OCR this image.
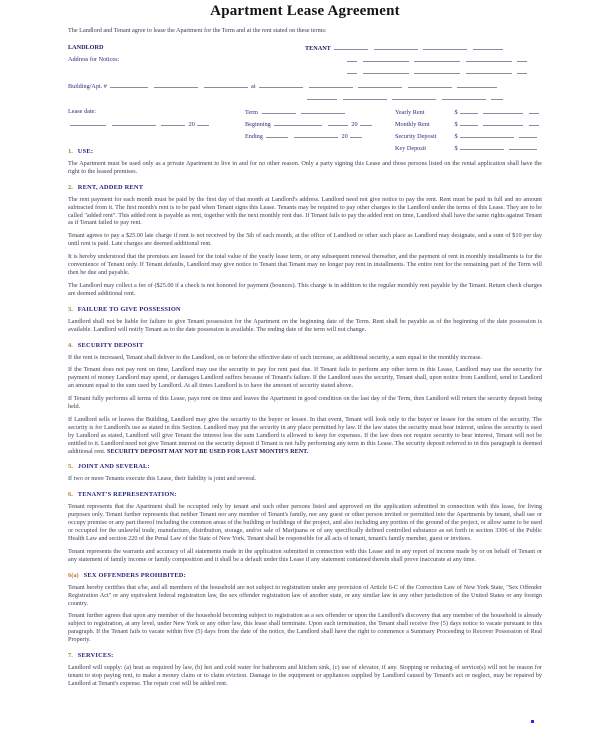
Apartment Lease Agreement
The Landlord and Tenant agree to lease the Apartment for the Term and at the rent stated on these terms:
LANDLORD	TENANT
Address for Notices:

Building/Apt. #	at

Lease date:	Term	Yearly Rent	$
20	Beginning	20	Monthly Rent	$
Ending	20	Security Deposit	$
Key Deposit	$
1. USE:

The Apartment must be used only as a private Apartment to live in and for no other reason. Only a party signing this Lease and those persons listed on the rental application shall have the right to the leased premises.

2. RENT, ADDED RENT

The rent payment for each month must be paid by the first day of that month at Landlord's address. Landlord need not give notice to pay the rent. Rent must be paid in full and no amount subtracted from it. The first month's rent is to be paid when Tenant signs this Lease. Tenants may be required to pay other charges to the Landlord under the terms of this Lease. They are to be called "added rent". This added rent is payable as rent, together with the next monthly rent due. If Tenant fails to pay the added rent on time, Landlord shall have the same rights against Tenant as if Tenant failed to pay rent.

Tenant agrees to pay a $25.00 late charge if rent is not received by the 5th of each month, at the office of Landlord or other such place as Landlord may designate, and a sum of $10 per day until rent is paid. Late charges are deemed additional rent.

It is hereby understood that the premises are leased for the total value of the yearly lease term, or any subsequent renewal thereafter, and the payment of rent in monthly installments is for the convenience of Tenant only. If Tenant defaults, Landlord may give notice to Tenant that Tenant may no longer pay rent in installments. The entire rent for the remaining part of the Term will then be due and payable.

The Landlord may collect a fee of ($25.00 if a check is not honored for payment (bounces). This charge is in addition to the regular monthly rent payable by the Tenant. Return check charges are deemed additional rent.

3. FAILURE TO GIVE POSSESSION

Landlord shall not be liable for failure to give Tenant possession for the Apartment on the beginning date of the Term. Rent shall be payable as of the beginning of the date possession is available. Landlord will notify Tenant as to the date possession is available. The ending date of the term will not change.

4. SECURITY DEPOSIT

If the rent is increased, Tenant shall deliver to the Landlord, on or before the effective date of such increase, as additional security, a sum equal to the monthly increase.

If the Tenant does not pay rent on time, Landlord may use the security to pay for rent past due. If Tenant fails to perform any other term in this Lease, Landlord may use the security for payment of money Landlord may spend, or damages Landlord suffers because of Tenant's failure. If the Landlord uses the security, Tenant shall, upon notice from Landlord, send to Landlord an amount equal to the sum used by Landlord. At all times Landlord is to have the amount of security stated above.

If Tenant fully performs all terms of this Lease, pays rent on time and leaves the Apartment in good condition on the last day of the Term, then Landlord will return the security deposit being held.

If Landlord sells or leaves the Building, Landlord may give the security to the buyer or lessee. In that event, Tenant will look only to the buyer or lessee for the return of the security. The security is for Landlord's use as stated in this Section. Landlord may put the security in any place permitted by law. If the law states the security must bear interest, unless the security is used by Landlord as stated, Landlord will give Tenant the interest less the sum Landlord is allowed to keep for expenses. If the law does not require security to bear interest, Tenant will not be entitled to it. Landlord need not give Tenant interest on the security deposit if Tenant is not fully performing any term in this Lease. The security deposit referred to in this paragraph is deemed additional rent. SECURITY DEPOSIT MAY NOT BE USED FOR LAST MONTH'S RENT.

5. JOINT AND SEVERAL:

If two or more Tenants execute this Lease, their liability is joint and several.

6. TENANT'S REPRESENTATION:

Tenant represents that the Apartment shall be occupied only by tenant and such other persons listed and approved on the application submitted in connection with this lease, for living purposes only. Tenant further represents that neither Tenant nor any member of Tenant's family, nor any guest or other person invited or permitted into the Apartments by tenant, shall use or occupy premise or any part thereof including the common areas of the building or buildings of the project, and also including any portion of the ground of the project, or allow same to be used or occupied for the unlawful trade, manufacture, distribution, storage, and/or sale of Marijuana or of any specifically defined controlled substance as set forth in section 3306 of the Public Health Law and section 220 of the Penal Law of the State of New York. Tenant shall be responsible for all acts of tenant, tenant's family member, guest or invitees.

Tenant represents the warrants and accuracy of all statements made in the application submitted in connection with this Lease and in any report of income made by or on behalf of Tenant or any statement of family income or family composition and it shall be a default under this Lease if any statement contained therein shall prove inaccurate at any time.

6(a) SEX OFFENDERS PROHIBITED:

Tenant hereby certifies that s/he, and all members of the household are not subject to registration under any provision of Article 6-C of the Correction Law of New York State, "Sex Offender Registration Act" or any equivalent federal registration law, the sex offender registration law of another state, or any similar law in any other jurisdiction of the United States or any foreign country.

Tenant further agrees that upon any member of the household becoming subject to registration as a sex offender or upon the Landlord's discovery that any member of the household is already subject to registration, at any level, under New York or any other law, this lease shall terminate. Upon such termination, the Tenant shall receive five (5) days notice to vacate pursuant to this paragraph. If the Tenant fails to vacate within five (5) days from the date of the notice, the Landlord shall have the right to commence a Summary Proceeding to Recover Possession of Real Property.

7. SERVICES:

Landlord will supply: (a) heat as required by law, (b) hot and cold water for bathroom and kitchen sink, (c) use of elevator, if any. Stopping or reducing of service(s) will not be reason for tenant to stop paying rent, to make a money claim or to claim eviction. Damage to the equipment or appliances supplied by Landlord caused by Tenant's act or neglect, may be repaired by Landlord at Tenant's expense. The repair cost will be added rent.
